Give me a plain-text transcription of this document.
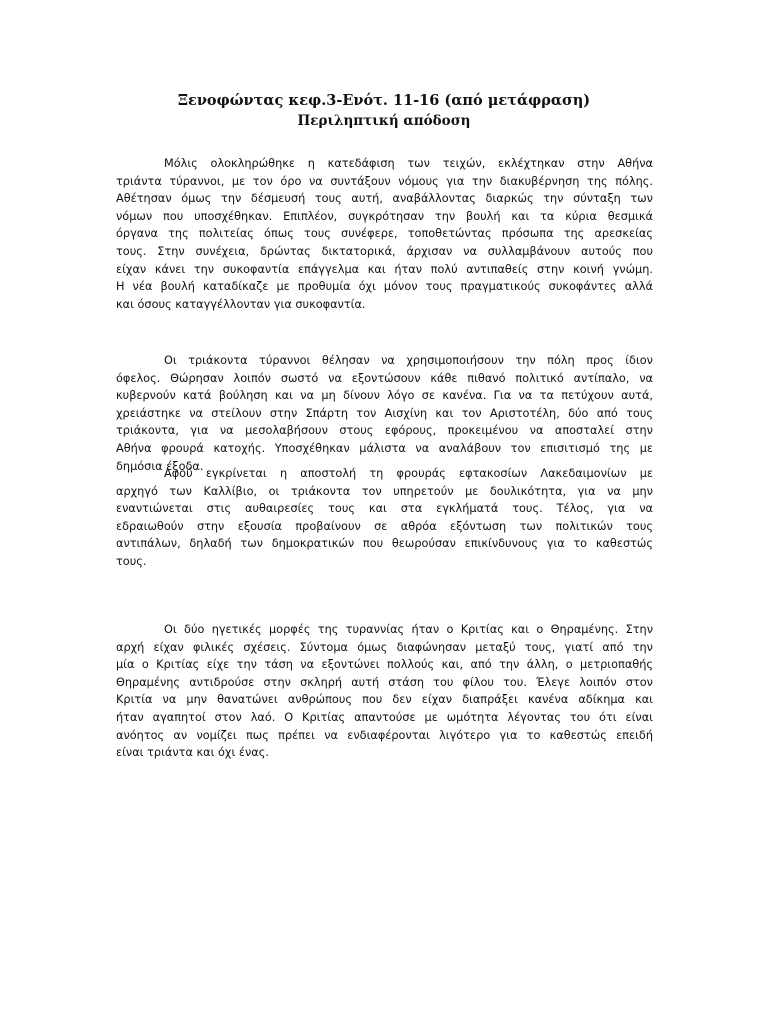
Ξενοφώντας κεφ.3-Ενότ. 11-16 (από μετάφραση)
Περιληπτική απόδοση

Μόλις ολοκληρώθηκε η κατεδάφιση των τειχών, εκλέχτηκαν στην Αθήνα
τριάντα τύραννοι, με τον όρο να συντάξουν νόμους για την διακυβέρνηση της πόλης.
Αθέτησαν όμως την δέσμευσή τους αυτή, αναβάλλοντας διαρκώς την σύνταξη των
νόμων που υποσχέθηκαν. Επιπλέον, συγκρότησαν την βουλή και τα κύρια θεσμικά
όργανα της πολιτείας όπως τους συνέφερε, τοποθετώντας πρόσωπα της αρεσκείας
τους. Στην συνέχεια, δρώντας δικτατορικά, άρχισαν να συλλαμβάνουν αυτούς που
είχαν κάνει την συκοφαντία επάγγελμα και ήταν πολύ αντιπαθείς στην κοινή γνώμη.
Η νέα βουλή καταδίκαζε με προθυμία όχι μόνον τους πραγματικούς συκοφάντες αλλά
και όσους καταγγέλλονταν για συκοφαντία.

Οι τριάκοντα τύραννοι θέλησαν να χρησιμοποιήσουν την πόλη προς ίδιον
όφελος. Θώρησαν λοιπόν σωστό να εξοντώσουν κάθε πιθανό πολιτικό αντίπαλο, να
κυβερνούν κατά βούληση και να μη δίνουν λόγο σε κανένα. Για να τα πετύχουν αυτά,
χρειάστηκε να στείλουν στην Σπάρτη τον Αισχίνη και τον Αριστοτέλη, δύο από τους
τριάκοντα, για να μεσολαβήσουν στους εφόρους, προκειμένου να αποσταλεί στην
Αθήνα φρουρά κατοχής. Υποσχέθηκαν μάλιστα να αναλάβουν τον επισιτισμό της με
δημόσια έξοδα.

Αφού εγκρίνεται η αποστολή τη φρουράς εφτακοσίων Λακεδαιμονίων με
αρχηγό των Καλλίβιο, οι τριάκοντα τον υπηρετούν με δουλικότητα, για να μην
εναντιώνεται στις αυθαιρεσίες τους και στα εγκλήματά τους. Τέλος, για να
εδραιωθούν στην εξουσία προβαίνουν σε αθρόα εξόντωση των πολιτικών τους
αντιπάλων, δηλαδή των δημοκρατικών που θεωρούσαν επικίνδυνους για το καθεστώς
τους.

Οι δύο ηγετικές μορφές της τυραννίας ήταν ο Κριτίας και ο Θηραμένης. Στην
αρχή είχαν φιλικές σχέσεις. Σύντομα όμως διαφώνησαν μεταξύ τους, γιατί από την
μία ο Κριτίας είχε την τάση να εξοντώνει πολλούς και, από την άλλη, ο μετριοπαθής
Θηραμένης αντιδρούσε στην σκληρή αυτή στάση του φίλου του. Έλεγε λοιπόν στον
Κριτία να μην θανατώνει ανθρώπους που δεν είχαν διαπράξει κανένα αδίκημα και
ήταν αγαπητοί στον λαό. Ο Κριτίας απαντούσε με ωμότητα λέγοντας του ότι είναι
ανόητος αν νομίζει πως πρέπει να ενδιαφέρονται λιγότερο για το καθεστώς επειδή
είναι τριάντα και όχι ένας.
